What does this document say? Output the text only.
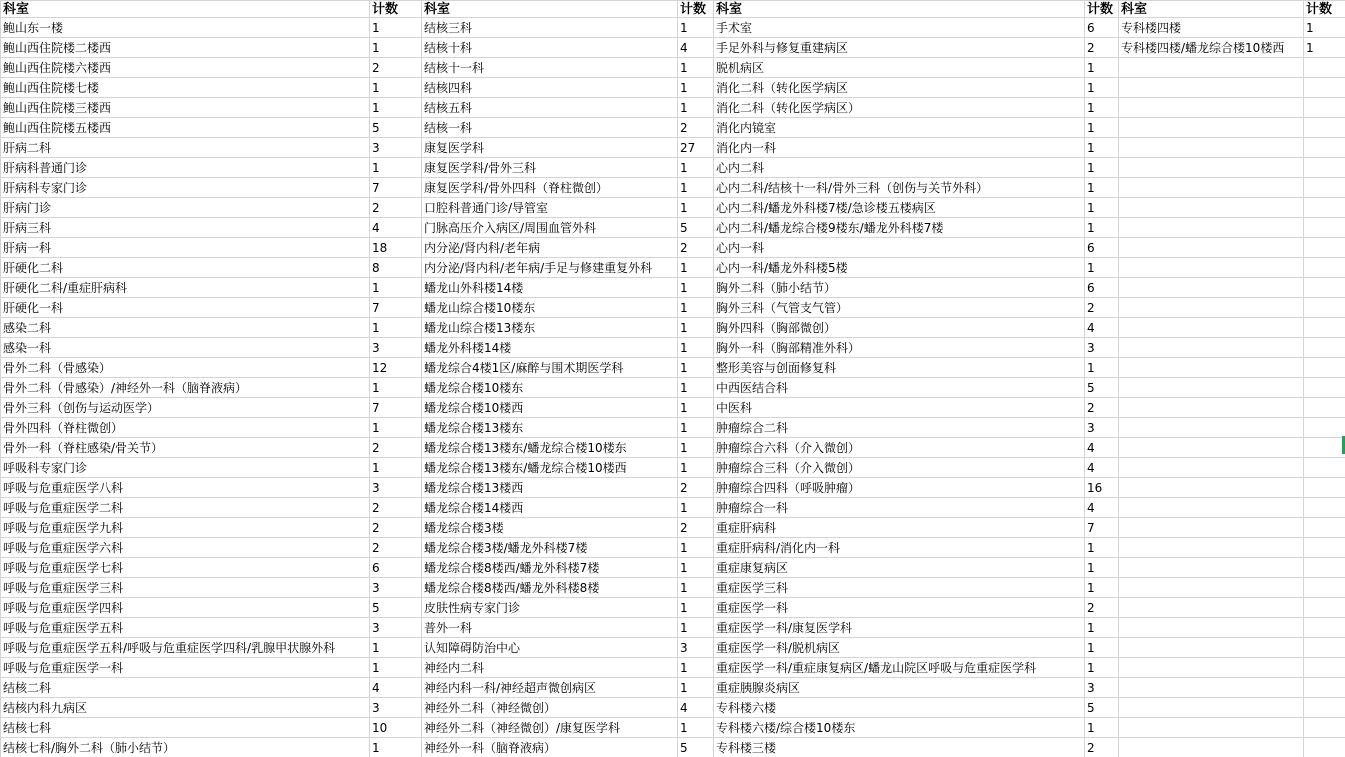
科室	计数	科室	计数	科室	计数	科室	计数
鲍山东一楼	1	结核三科	1	手术室	6	专科楼四楼	1
鲍山西住院楼二楼西	1	结核十科	4	手足外科与修复重建病区	2	专科楼四楼/蟠龙综合楼10楼西	1
鲍山西住院楼六楼西	2	结核十一科	1	脱机病区	1		
鲍山西住院楼七楼	1	结核四科	1	消化二科（转化医学病区	1		
鲍山西住院楼三楼西	1	结核五科	1	消化二科（转化医学病区）	1		
鲍山西住院楼五楼西	5	结核一科	2	消化内镜室	1		
肝病二科	3	康复医学科	27	消化内一科	1		
肝病科普通门诊	1	康复医学科/骨外三科	1	心内二科	1		
肝病科专家门诊	7	康复医学科/骨外四科（脊柱微创）	1	心内二科/结核十一科/骨外三科（创伤与关节外科）	1		
肝病门诊	2	口腔科普通门诊/导管室	1	心内二科/蟠龙外科楼7楼/急诊楼五楼病区	1		
肝病三科	4	门脉高压介入病区/周围血管外科	5	心内二科/蟠龙综合楼9楼东/蟠龙外科楼7楼	1		
肝病一科	18	内分泌/肾内科/老年病	2	心内一科	6		
肝硬化二科	8	内分泌/肾内科/老年病/手足与修建重复外科	1	心内一科/蟠龙外科楼5楼	1		
肝硬化二科/重症肝病科	1	蟠龙山外科楼14楼	1	胸外二科（肺小结节）	6		
肝硬化一科	7	蟠龙山综合楼10楼东	1	胸外三科（气管支气管）	2		
感染二科	1	蟠龙山综合楼13楼东	1	胸外四科（胸部微创）	4		
感染一科	3	蟠龙外科楼14楼	1	胸外一科（胸部精准外科）	3		
骨外二科（骨感染）	12	蟠龙综合4楼1区/麻醉与围术期医学科	1	整形美容与创面修复科	1		
骨外二科（骨感染）/神经外一科（脑脊液病）	1	蟠龙综合楼10楼东	1	中西医结合科	5		
骨外三科（创伤与运动医学）	7	蟠龙综合楼10楼西	1	中医科	2		
骨外四科（脊柱微创）	1	蟠龙综合楼13楼东	1	肿瘤综合二科	3		
骨外一科（脊柱感染/骨关节）	2	蟠龙综合楼13楼东/蟠龙综合楼10楼东	1	肿瘤综合六科（介入微创）	4		
呼吸科专家门诊	1	蟠龙综合楼13楼东/蟠龙综合楼10楼西	1	肿瘤综合三科（介入微创）	4		
呼吸与危重症医学八科	3	蟠龙综合楼13楼西	2	肿瘤综合四科（呼吸肿瘤）	16		
呼吸与危重症医学二科	2	蟠龙综合楼14楼西	1	肿瘤综合一科	4		
呼吸与危重症医学九科	2	蟠龙综合楼3楼	2	重症肝病科	7		
呼吸与危重症医学六科	2	蟠龙综合楼3楼/蟠龙外科楼7楼	1	重症肝病科/消化内一科	1		
呼吸与危重症医学七科	6	蟠龙综合楼8楼西/蟠龙外科楼7楼	1	重症康复病区	1		
呼吸与危重症医学三科	3	蟠龙综合楼8楼西/蟠龙外科楼8楼	1	重症医学三科	1		
呼吸与危重症医学四科	5	皮肤性病专家门诊	1	重症医学一科	2		
呼吸与危重症医学五科	3	普外一科	1	重症医学一科/康复医学科	1		
呼吸与危重症医学五科/呼吸与危重症医学四科/乳腺甲状腺外科	1	认知障碍防治中心	3	重症医学一科/脱机病区	1		
呼吸与危重症医学一科	1	神经内二科	1	重症医学一科/重症康复病区/蟠龙山院区呼吸与危重症医学科	1		
结核二科	4	神经内科一科/神经超声微创病区	1	重症胰腺炎病区	3		
结核内科九病区	3	神经外二科（神经微创）	4	专科楼六楼	5		
结核七科	10	神经外二科（神经微创）/康复医学科	1	专科楼六楼/综合楼10楼东	1		
结核七科/胸外二科（肺小结节）	1	神经外一科（脑脊液病）	5	专科楼三楼	2		
